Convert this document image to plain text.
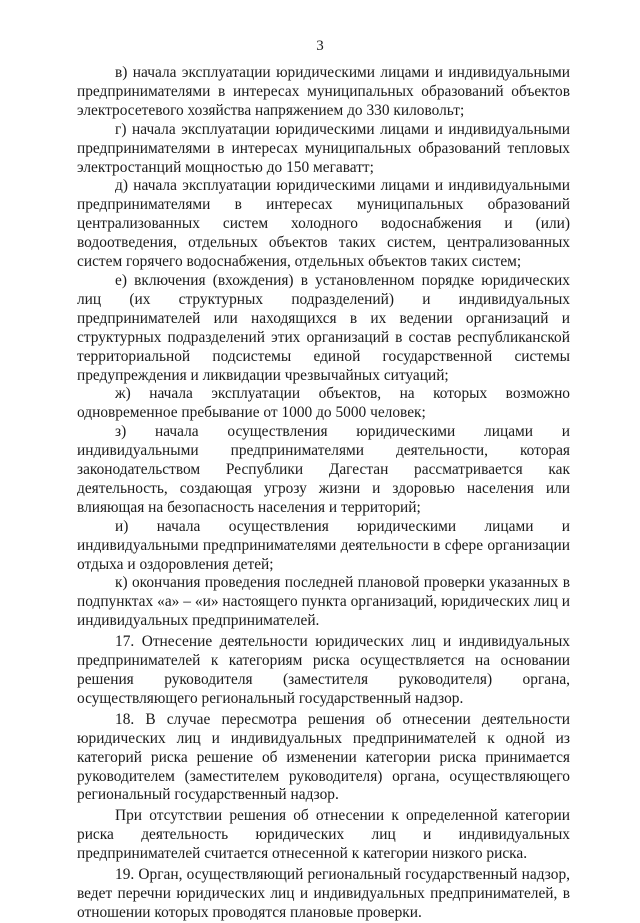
3

в) начала эксплуатации юридическими лицами и индивидуальными предпринимателями в интересах муниципальных образований объектов электросетевого хозяйства напряжением до 330 киловольт;

г) начала эксплуатации юридическими лицами и индивидуальными предпринимателями в интересах муниципальных образований тепловых электростанций мощностью до 150 мегаватт;

д) начала эксплуатации юридическими лицами и индивидуальными предпринимателями в интересах муниципальных образований централизованных систем холодного водоснабжения и (или) водоотведения, отдельных объектов таких систем, централизованных систем горячего водоснабжения, отдельных объектов таких систем;

е) включения (вхождения) в установленном порядке юридических лиц (их структурных подразделений) и индивидуальных предпринимателей или находящихся в их ведении организаций и структурных подразделений этих организаций в состав республиканской территориальной подсистемы единой государственной системы предупреждения и ликвидации чрезвычайных ситуаций;

ж) начала эксплуатации объектов, на которых возможно одновременное пребывание от 1000 до 5000 человек;

з) начала осуществления юридическими лицами и индивидуальными предпринимателями деятельности, которая законодательством Республики Дагестан рассматривается как деятельность, создающая угрозу жизни и здоровью населения или влияющая на безопасность населения и территорий;

и) начала осуществления юридическими лицами и индивидуальными предпринимателями деятельности в сфере организации отдыха и оздоровления детей;

к) окончания проведения последней плановой проверки указанных в подпунктах «а» – «и» настоящего пункта организаций, юридических лиц и индивидуальных предпринимателей.

17. Отнесение деятельности юридических лиц и индивидуальных предпринимателей к категориям риска осуществляется на основании решения руководителя (заместителя руководителя) органа, осуществляющего региональный государственный надзор.

18. В случае пересмотра решения об отнесении деятельности юридических лиц и индивидуальных предпринимателей к одной из категорий риска решение об изменении категории риска принимается руководителем (заместителем руководителя) органа, осуществляющего региональный государственный надзор.

При отсутствии решения об отнесении к определенной категории риска деятельность юридических лиц и индивидуальных предпринимателей считается отнесенной к категории низкого риска.

19. Орган, осуществляющий региональный государственный надзор, ведет перечни юридических лиц и индивидуальных предпринимателей, в отношении которых проводятся плановые проверки.
